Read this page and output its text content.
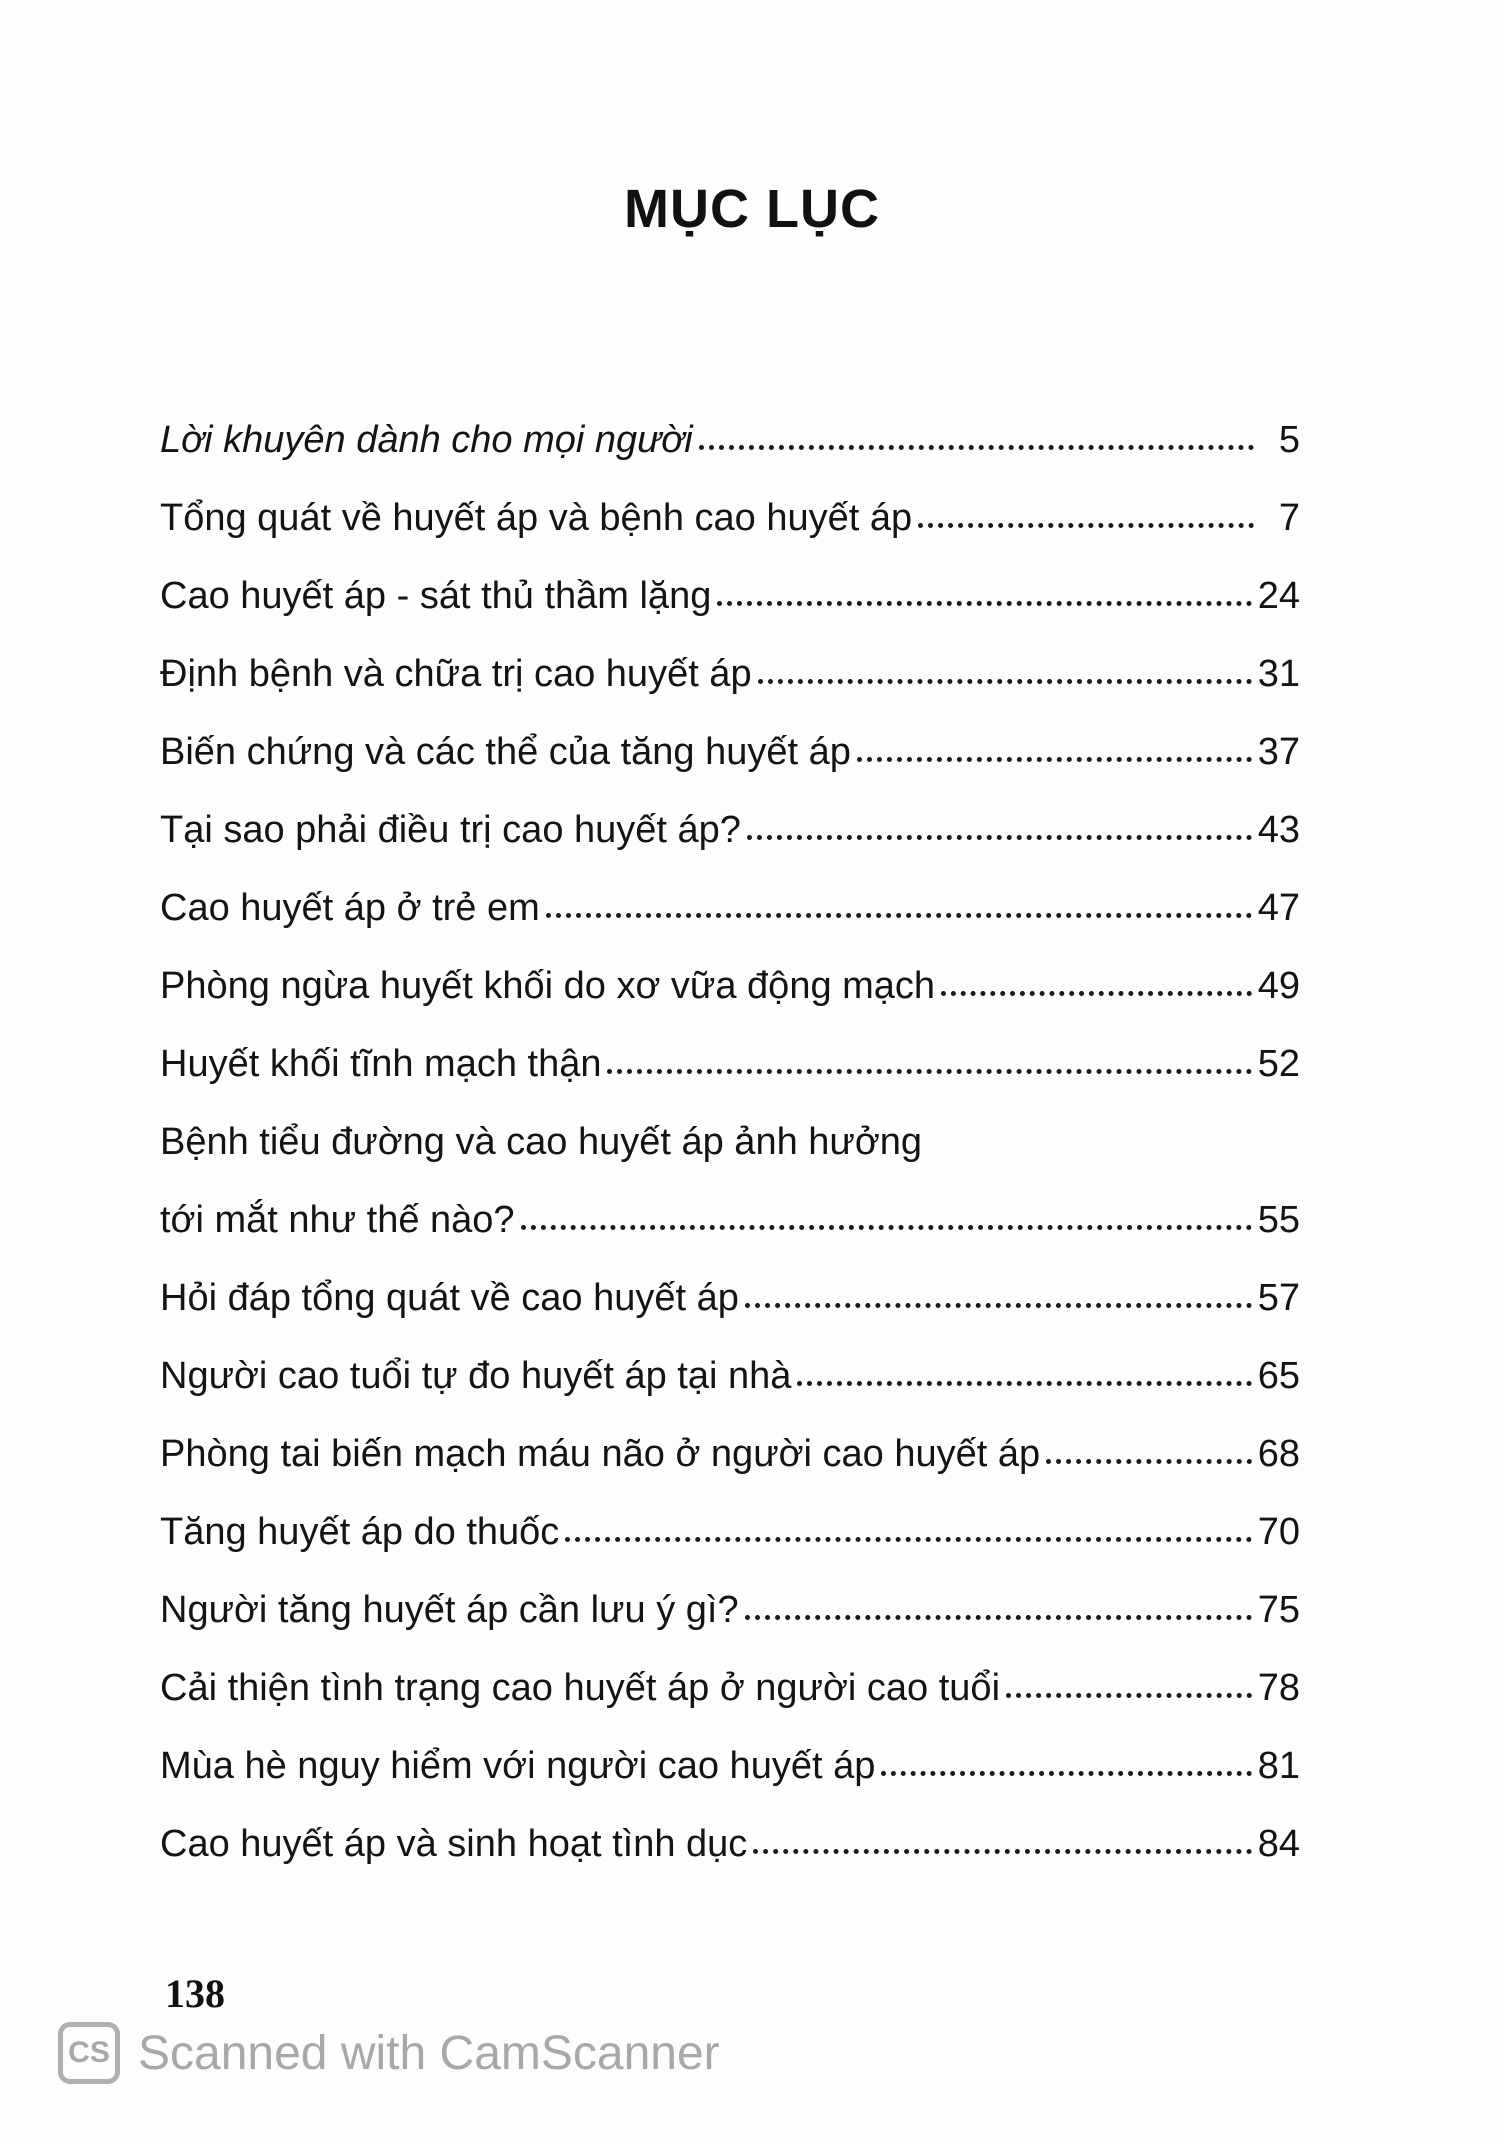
MỤC LỤC
Lời khuyên dành cho mọi người	5
Tổng quát về huyết áp và bệnh cao huyết áp	7
Cao huyết áp - sát thủ thầm lặng	24
Định bệnh và chữa trị cao huyết áp	31
Biến chứng và các thể của tăng huyết áp	37
Tại sao phải điều trị cao huyết áp?	43
Cao huyết áp ở trẻ em	47
Phòng ngừa huyết khối do xơ vữa động mạch	49
Huyết khối tĩnh mạch thận	52
Bệnh tiểu đường và cao huyết áp ảnh hưởng
tới mắt như thế nào?	55
Hỏi đáp tổng quát về cao huyết áp	57
Người cao tuổi tự đo huyết áp tại nhà	65
Phòng tai biến mạch máu não ở người cao huyết áp	68
Tăng huyết áp do thuốc	70
Người tăng huyết áp cần lưu ý gì?	75
Cải thiện tình trạng cao huyết áp ở người cao tuổi	78
Mùa hè nguy hiểm với người cao huyết áp	81
Cao huyết áp và sinh hoạt tình dục	84
138
CS Scanned with CamScanner
